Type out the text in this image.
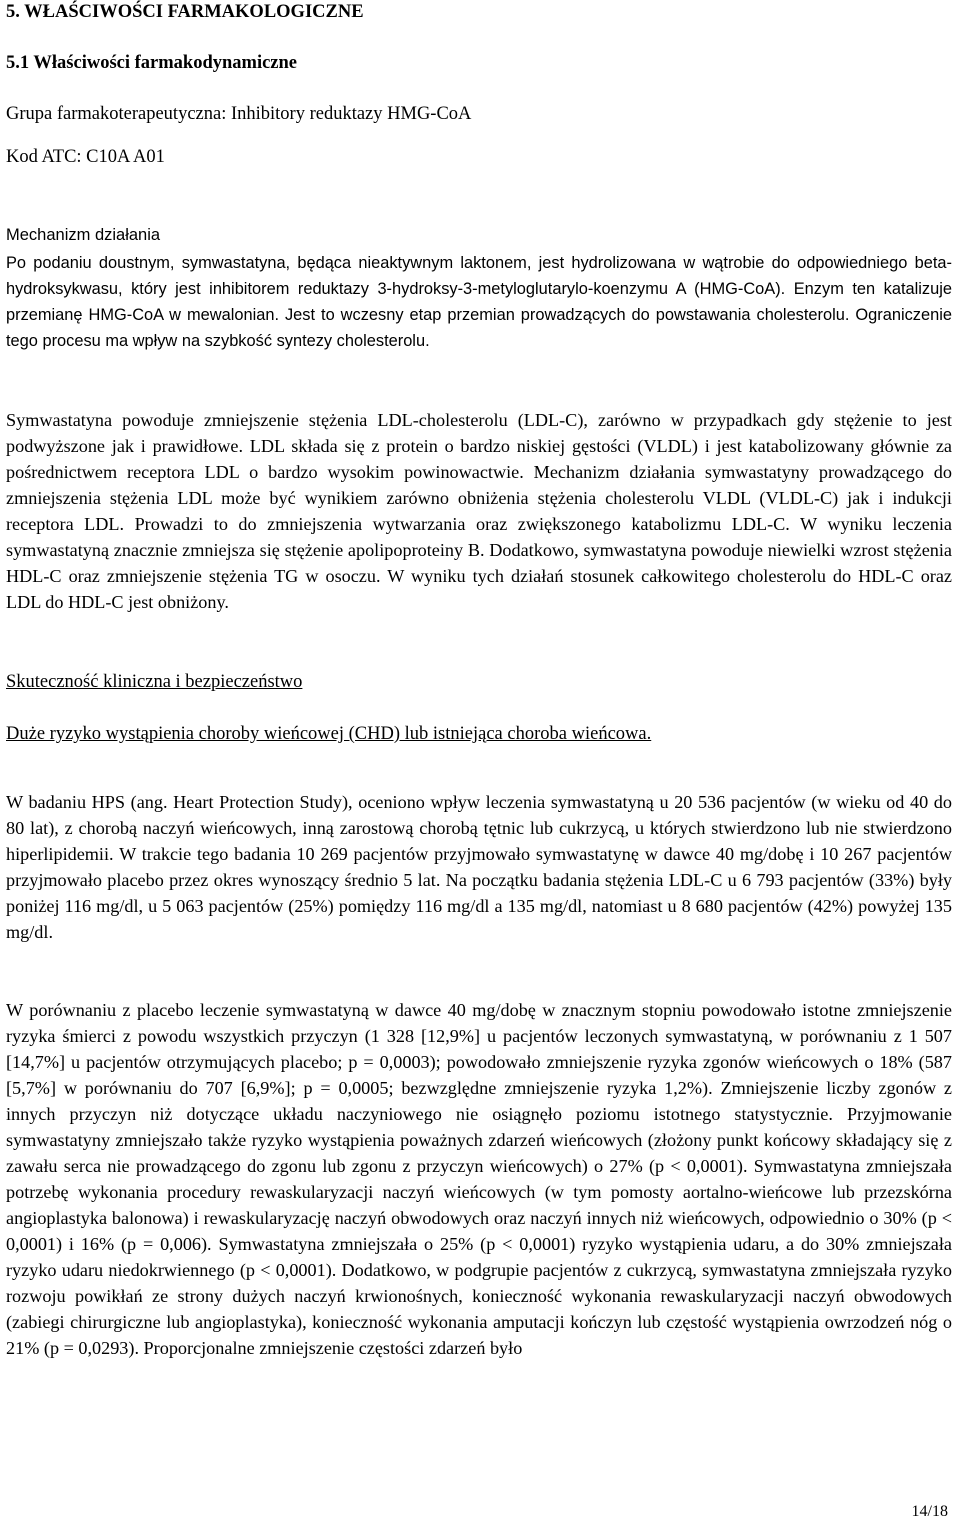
5. WŁAŚCIWOŚCI FARMAKOLOGICZNE
5.1 Właściwości farmakodynamiczne
Grupa farmakoterapeutyczna: Inhibitory reduktazy HMG-CoA
Kod ATC: C10A A01
Mechanizm działania
Po podaniu doustnym, symwastatyna, będąca nieaktywnym laktonem, jest hydrolizowana w wątrobie do odpowiedniego beta-hydroksykwasu, który jest inhibitorem reduktazy 3-hydroksy-3-metyloglutarylo-koenzymu A (HMG-CoA). Enzym ten katalizuje przemianę HMG-CoA w mewalonian. Jest to wczesny etap przemian prowadzących do powstawania cholesterolu. Ograniczenie tego procesu ma wpływ na szybkość syntezy cholesterolu.
Symwastatyna powoduje zmniejszenie stężenia LDL-cholesterolu (LDL-C), zarówno w przypadkach gdy stężenie to jest podwyższone jak i prawidłowe. LDL składa się z protein o bardzo niskiej gęstości (VLDL) i jest katabolizowany głównie za pośrednictwem receptora LDL o bardzo wysokim powinowactwie. Mechanizm działania symwastatyny prowadzącego do zmniejszenia stężenia LDL może być wynikiem zarówno obniżenia stężenia cholesterolu VLDL (VLDL-C) jak i indukcji receptora LDL. Prowadzi to do zmniejszenia wytwarzania oraz zwiększonego katabolizmu LDL-C. W wyniku leczenia symwastatyną znacznie zmniejsza się stężenie apolipoproteiny B. Dodatkowo, symwastatyna powoduje niewielki wzrost stężenia HDL-C oraz zmniejszenie stężenia TG w osoczu. W wyniku tych działań stosunek całkowitego cholesterolu do HDL-C oraz LDL do HDL-C jest obniżony.
Skuteczność kliniczna i bezpieczeństwo
Duże ryzyko wystąpienia choroby wieńcowej (CHD) lub istniejąca choroba wieńcowa.
W badaniu HPS (ang. Heart Protection Study), oceniono wpływ leczenia symwastatyną u 20 536 pacjentów (w wieku od 40 do 80 lat), z chorobą naczyń wieńcowych, inną zarostową chorobą tętnic lub cukrzycą, u których stwierdzono lub nie stwierdzono hiperlipidemii. W trakcie tego badania 10 269 pacjentów przyjmowało symwastatynę w dawce 40 mg/dobę i 10 267 pacjentów przyjmowało placebo przez okres wynoszący średnio 5 lat. Na początku badania stężenia LDL-C u 6 793 pacjentów (33%) były poniżej 116 mg/dl, u 5 063 pacjentów (25%) pomiędzy 116 mg/dl a 135 mg/dl, natomiast u 8 680 pacjentów (42%) powyżej 135 mg/dl.
W porównaniu z placebo leczenie symwastatyną w dawce 40 mg/dobę w znacznym stopniu powodowało istotne zmniejszenie ryzyka śmierci z powodu wszystkich przyczyn (1 328 [12,9%] u pacjentów leczonych symwastatyną, w porównaniu z 1 507 [14,7%] u pacjentów otrzymujących placebo; p = 0,0003); powodowało zmniejszenie ryzyka zgonów wieńcowych o 18% (587 [5,7%] w porównaniu do 707 [6,9%]; p = 0,0005; bezwzględne zmniejszenie ryzyka 1,2%). Zmniejszenie liczby zgonów z innych przyczyn niż dotyczące układu naczyniowego nie osiągnęło poziomu istotnego statystycznie. Przyjmowanie symwastatyny zmniejszało także ryzyko wystąpienia poważnych zdarzeń wieńcowych (złożony punkt końcowy składający się z zawału serca nie prowadzącego do zgonu lub zgonu z przyczyn wieńcowych) o 27% (p < 0,0001). Symwastatyna zmniejszała potrzebę wykonania procedury rewaskularyzacji naczyń wieńcowych (w tym pomosty aortalno-wieńcowe lub przezskórna angioplastyka balonowa) i rewaskularyzację naczyń obwodowych oraz naczyń innych niż wieńcowych, odpowiednio o 30% (p < 0,0001) i 16% (p = 0,006). Symwastatyna zmniejszała o 25% (p < 0,0001) ryzyko wystąpienia udaru, a do 30% zmniejszała ryzyko udaru niedokrwiennego (p < 0,0001). Dodatkowo, w podgrupie pacjentów z cukrzycą, symwastatyna zmniejszała ryzyko rozwoju powikłań ze strony dużych naczyń krwionośnych, konieczność wykonania rewaskularyzacji naczyń obwodowych (zabiegi chirurgiczne lub angioplastyka), konieczność wykonania amputacji kończyn lub częstość wystąpienia owrzodzeń nóg o 21% (p = 0,0293). Proporcjonalne zmniejszenie częstości zdarzeń było
14/18
